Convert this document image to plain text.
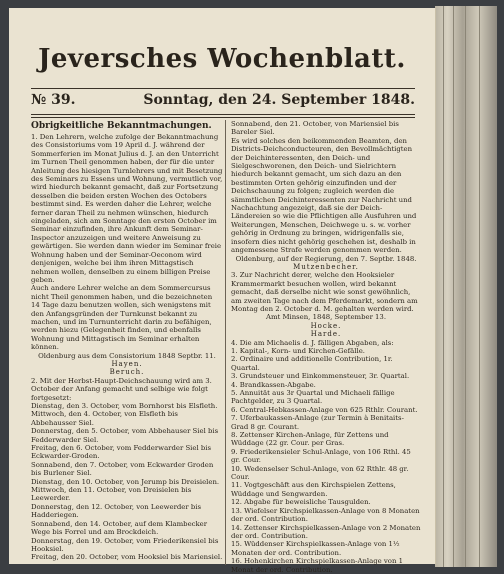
Jeversches Wochenblatt.
№ 39.	Sonntag, den 24. September 1848.

Obrigkeitliche Bekanntmachungen.

1. Den Lehrern, welche zufolge der Bekanntmachung des Consistoriums vom 19 April d. J. während der Sommerferien im Monat Julius d. J. an den Unterricht im Turnen Theil genommen haben, der für die unter Anleitung des hiesigen Turnlehrers und mit Besetzung des Seminars zu Essens und Wohnung, vermutlich vor, wird hiedurch bekannt gemacht, daß zur Fortsetzung desselben die beiden ersten Wochen des Octobers bestimmt sind. Es werden daher die Lehrer, welche ferner daran Theil zu nehmen wünschen, hiedurch eingeladen, sich am Sonntage den ersten October im Seminar einzufinden, ihre Ankunft dem Seminar-Inspector anzuzeigen und weitere Anweisung zu gewärtigen. Sie werden dann wieder im Seminar freie Wohnung haben und der Seminar-Oeconom wird denjenigen, welche bei ihm ihren Mittagstisch nehmen wollen, denselben zu einem billigen Preise geben.

Auch andere Lehrer welche an dem Sommercursus nicht Theil genommen haben, und die bezeichneten 14 Tage dazu benutzen wollen, sich wenigstens mit den Anfangsgründen der Turnkunst bekannt zu machen, und im Turnunterricht darin zu befähigen, werden hiezu (Gelegenheit finden, und ebenfalls Wohnung und Mittagstisch im Seminar erhalten können.

Oldenburg aus dem Consistorium 1848 Septbr. 11.

Hayen.

Beruch.

2. Mit der Herbst-Haupt-Deichschauung wird am 3. October der Anfang gemacht und selbige wie folgt fortgesetzt:

Dienstag, den 3. October, vom Bornhorst bis Elsfleth.

Mittwoch, den 4. October, von Elsfleth bis Abbehausser Siel.

Donnerstag, den 5. October, vom Abbehauser Siel bis Fedderwarder Siel.

Freitag, den 6. October, vom Fedderwarder Siel bis Eckwarder-Groden.

Sonnabend, den 7. October, vom Eckwarder Groden bis Burlener Siel.

Dienstag, den 10. October, von Jerump bis Dreisielen.

Mittwoch, den 11. October, von Dreisielen bis Leewerder.

Donnerstag, den 12. October, von Leewerder bis Hadderiegen.

Sonnabend, den 14. October, auf dem Klambecker Wege bis Forrel und am Brockdeich.

Donnerstag, den 19. October, vom Friederikensiel bis Hooksiel.

Freitag, den 20. October, vom Hooksiel bis Mariensiel.

Sonnabend, den 21. October, von Mariensiel bis Bareler Siel.

Es wird solches den beikommenden Beamten, den Districts-Deichconducteuren, den Bevollmächtigten der Deichinteressenten, den Deich- und Sielgeschworenen, den Deich- und Sielrichtern hiedurch bekannt gemacht, um sich dazu an den bestimmten Orten gehörig einzufinden und der Deichschauung zu folgen; zugleich werden die sämmtlichen Deichinteressenten zur Nachricht und Nachachtung angezeigt, daß sie der Deich-Ländereien so wie die Pflichtigen alle Ausfuhren und Weiterungen, Menschen, Deichwege u. s. w. vorher gehörig in Ordnung zu bringen, widrigenfalls sie, insofern dies nicht gehörig geschehen ist, deshalb in angemessene Strafe werden genommen werden.

Oldenburg, auf der Regierung, den 7. Septbr. 1848.

Mutzenbecher.

3. Zur Nachricht derer, welche den Hooksieler Krammermarkt besuchen wollen, wird bekannt gemacht, daß derselbe nicht wie sonst gewöhnlich, am zweiten Tage nach dem Pferdemarkt, sondern am Montag den 2. October d. M. gehalten werden wird.

Amt Minsen, 1848, September 13.

Hocke.

Harde.

4. Die am Michaelis d. J. fälligen Abgaben, als:

1. Kapital-, Korn- und Kirchen-Gefälle.

2. Ordinaire und additionelle Contribution, 1r. Quartal.

3. Grundsteuer und Einkommensteuer, 3r. Quartal.

4. Brandkassen-Abgabe.

5. Annuität aus 3r Quartal und Michaeli fällige Pachtgelder, zu 3 Quartal.

6. Central-Hebkassen-Anlage von 625 Rthlr. Courant.

7. Uferbaukassen-Anlage (zur Termin à Benitaits-Grad 8 gr. Courant.

8. Zettenser Kirchen-Anlage, für Zettens und Wüddage (22 gr. Cour. per Gras.

9. Friederikensieler Schul-Anlage, von 106 Rthl. 45 gr. Cour.

10. Wedenselser Schul-Anlage, von 62 Rthlr. 48 gr. Cour.

11. Vogtgeschäft aus den Kirchspielen Zettens, Wüddage und Sengwarden.

12. Abgabe für beweisliche Tausgulden.

13. Wiefelser Kirchspielkassen-Anlage von 8 Monaten der ord. Contribution.

14. Zettenser Kirchspielkassen-Anlage von 2 Monaten der ord. Contribution.

15. Wüddenser Kirchspielkassen-Anlage von 1½ Monaten der ord. Contribution.

16. Hohenkirchen Kirchspielkassen-Anlage von 1 Monat der ord. Contribution.
